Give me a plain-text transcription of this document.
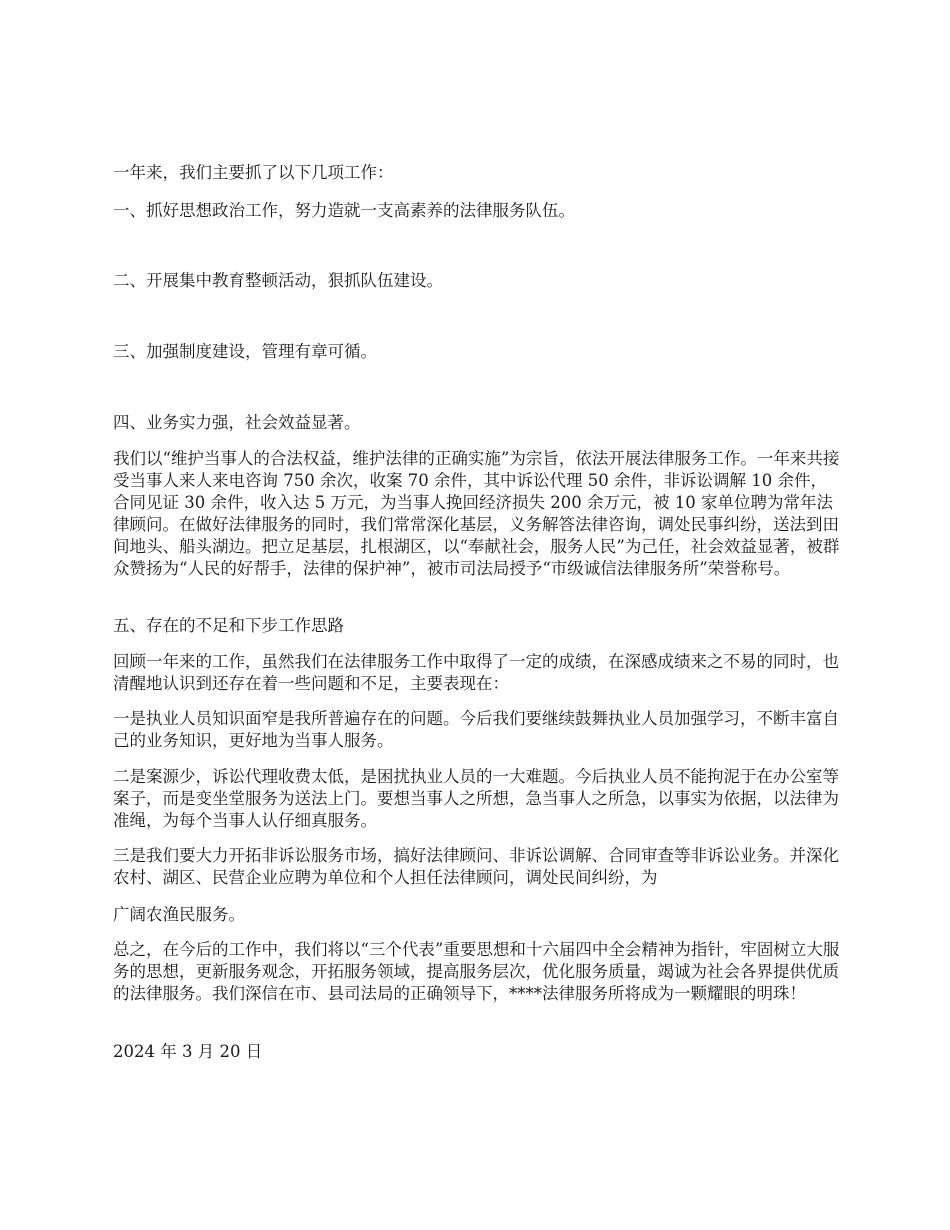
一年来，我们主要抓了以下几项工作：

一、抓好思想政治工作，努力造就一支高素养的法律服务队伍。

二、开展集中教育整顿活动，狠抓队伍建设。

三、加强制度建设，管理有章可循。

四、业务实力强，社会效益显著。

我们以“维护当事人的合法权益，维护法律的正确实施”为宗旨，依法开展法律服务工作。一年来共接受当事人来人来电咨询 750 余次，收案 70 余件，其中诉讼代理 50 余件，非诉讼调解 10 余件，合同见证 30 余件，收入达 5 万元，为当事人挽回经济损失 200 余万元，被 10 家单位聘为常年法律顾问。在做好法律服务的同时，我们常常深化基层，义务解答法律咨询，调处民事纠纷，送法到田间地头、船头湖边。把立足基层，扎根湖区，以“奉献社会，服务人民”为己任，社会效益显著，被群众赞扬为“人民的好帮手，法律的保护神”，被市司法局授予“市级诚信法律服务所”荣誉称号。

五、存在的不足和下步工作思路

回顾一年来的工作，虽然我们在法律服务工作中取得了一定的成绩，在深感成绩来之不易的同时，也清醒地认识到还存在着一些问题和不足，主要表现在：

一是执业人员知识面窄是我所普遍存在的问题。今后我们要继续鼓舞执业人员加强学习，不断丰富自己的业务知识，更好地为当事人服务。

二是案源少，诉讼代理收费太低，是困扰执业人员的一大难题。今后执业人员不能拘泥于在办公室等案子，而是变坐堂服务为送法上门。要想当事人之所想，急当事人之所急，以事实为依据，以法律为准绳，为每个当事人认仔细真服务。

三是我们要大力开拓非诉讼服务市场，搞好法律顾问、非诉讼调解、合同审查等非诉讼业务。并深化农村、湖区、民营企业应聘为单位和个人担任法律顾问，调处民间纠纷，为

广阔农渔民服务。

总之，在今后的工作中，我们将以“三个代表”重要思想和十六届四中全会精神为指针，牢固树立大服务的思想，更新服务观念，开拓服务领域，提高服务层次，优化服务质量，竭诚为社会各界提供优质的法律服务。我们深信在市、县司法局的正确领导下，****法律服务所将成为一颗耀眼的明珠！

2024 年 3 月 20 日
